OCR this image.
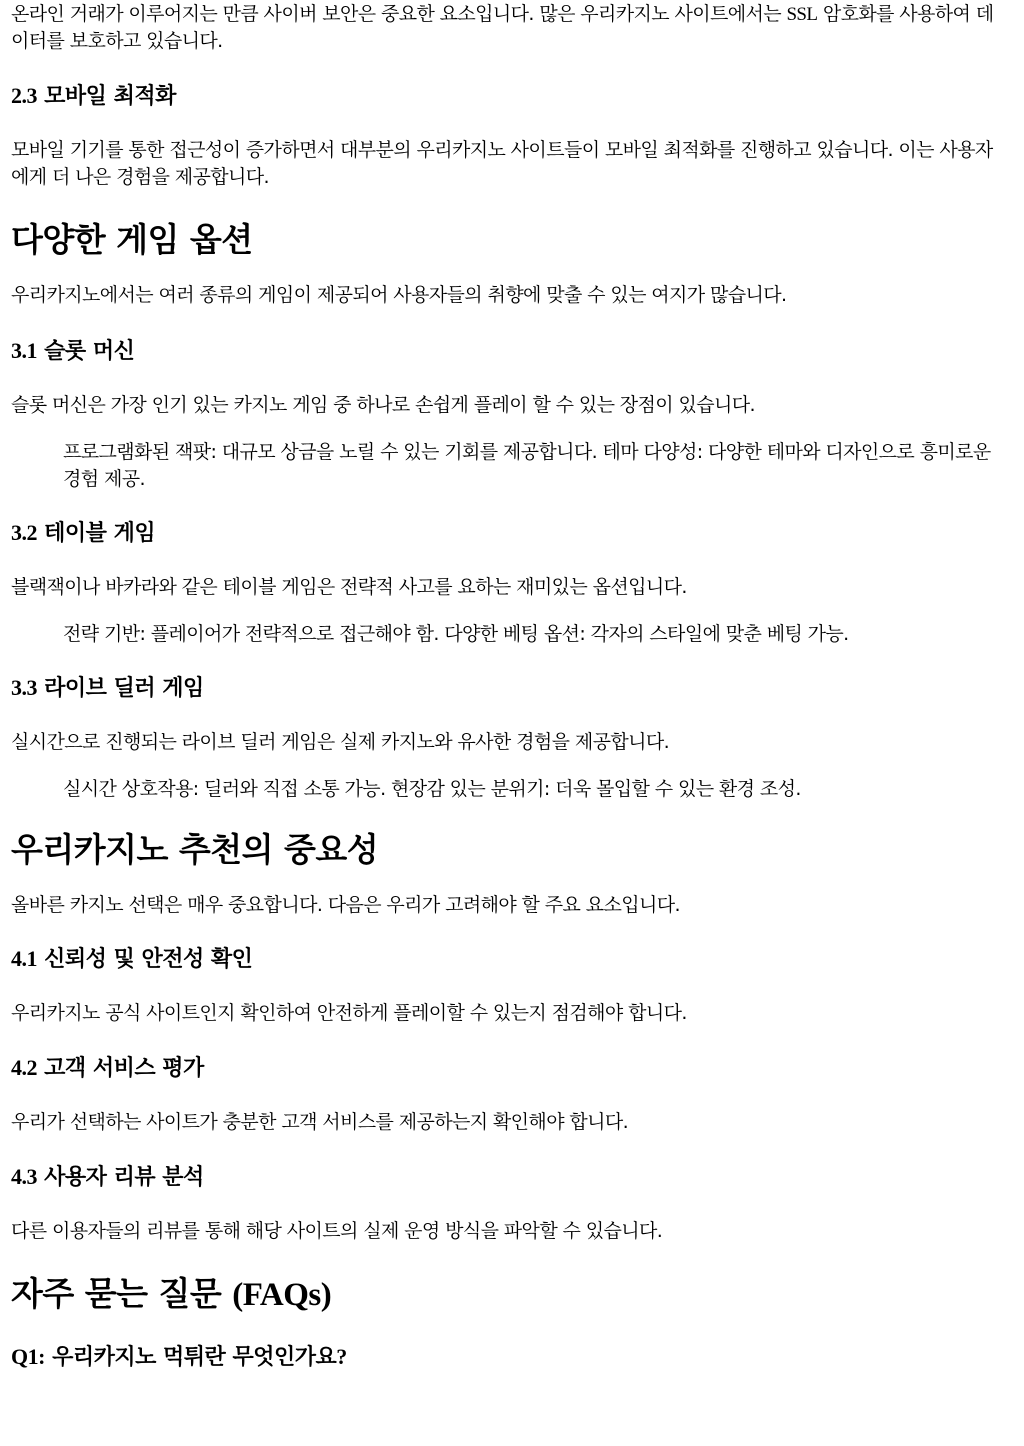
온라인 거래가 이루어지는 만큼 사이버 보안은 중요한 요소입니다. 많은 우리카지노 사이트에서는 SSL 암호화를 사용하여 데이터를 보호하고 있습니다.

2.3 모바일 최적화

모바일 기기를 통한 접근성이 증가하면서 대부분의 우리카지노 사이트들이 모바일 최적화를 진행하고 있습니다. 이는 사용자에게 더 나은 경험을 제공합니다.

다양한 게임 옵션

우리카지노에서는 여러 종류의 게임이 제공되어 사용자들의 취향에 맞출 수 있는 여지가 많습니다.

3.1 슬롯 머신

슬롯 머신은 가장 인기 있는 카지노 게임 중 하나로 손쉽게 플레이 할 수 있는 장점이 있습니다.

프로그램화된 잭팟: 대규모 상금을 노릴 수 있는 기회를 제공합니다. 테마 다양성: 다양한 테마와 디자인으로 흥미로운 경험 제공.

3.2 테이블 게임

블랙잭이나 바카라와 같은 테이블 게임은 전략적 사고를 요하는 재미있는 옵션입니다.

전략 기반: 플레이어가 전략적으로 접근해야 함. 다양한 베팅 옵션: 각자의 스타일에 맞춘 베팅 가능.

3.3 라이브 딜러 게임

실시간으로 진행되는 라이브 딜러 게임은 실제 카지노와 유사한 경험을 제공합니다.

실시간 상호작용: 딜러와 직접 소통 가능. 현장감 있는 분위기: 더욱 몰입할 수 있는 환경 조성.

우리카지노 추천의 중요성

올바른 카지노 선택은 매우 중요합니다. 다음은 우리가 고려해야 할 주요 요소입니다.

4.1 신뢰성 및 안전성 확인

우리카지노 공식 사이트인지 확인하여 안전하게 플레이할 수 있는지 점검해야 합니다.

4.2 고객 서비스 평가

우리가 선택하는 사이트가 충분한 고객 서비스를 제공하는지 확인해야 합니다.

4.3 사용자 리뷰 분석

다른 이용자들의 리뷰를 통해 해당 사이트의 실제 운영 방식을 파악할 수 있습니다.

자주 묻는 질문 (FAQs)
Q1: 우리카지노 먹튀란 무엇인가요?
